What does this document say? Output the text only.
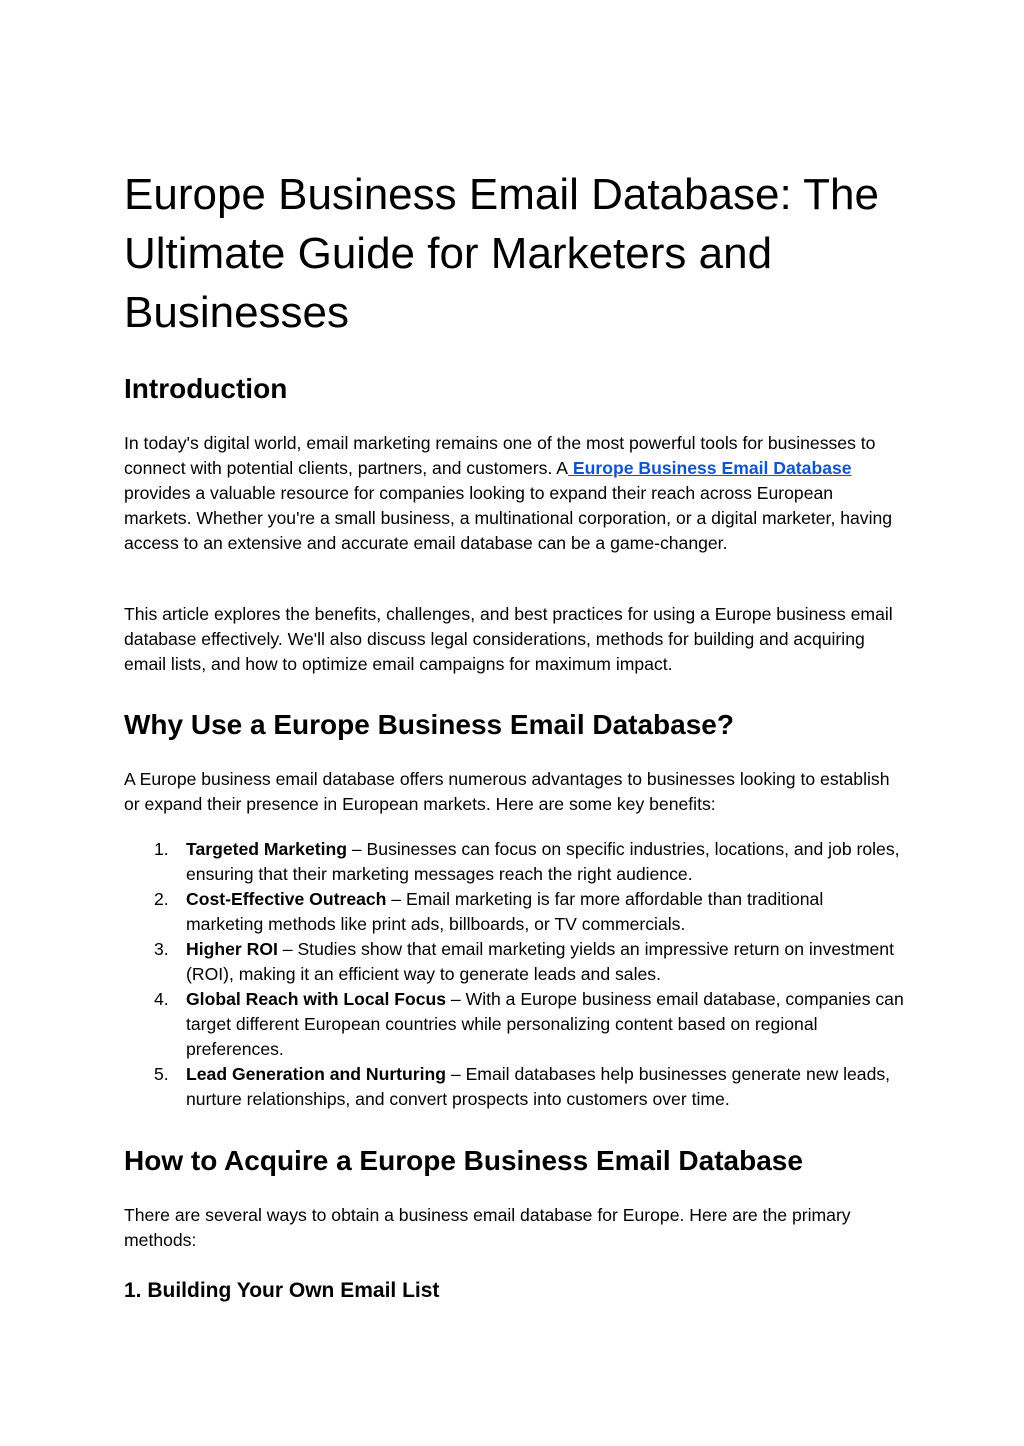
Europe Business Email Database: The Ultimate Guide for Marketers and Businesses
Introduction

In today's digital world, email marketing remains one of the most powerful tools for businesses to connect with potential clients, partners, and customers. A Europe Business Email Database provides a valuable resource for companies looking to expand their reach across European markets. Whether you're a small business, a multinational corporation, or a digital marketer, having access to an extensive and accurate email database can be a game-changer.

This article explores the benefits, challenges, and best practices for using a Europe business email database effectively. We'll also discuss legal considerations, methods for building and acquiring email lists, and how to optimize email campaigns for maximum impact.

Why Use a Europe Business Email Database?

A Europe business email database offers numerous advantages to businesses looking to establish or expand their presence in European markets. Here are some key benefits:

1. Targeted Marketing – Businesses can focus on specific industries, locations, and job roles, ensuring that their marketing messages reach the right audience.
2. Cost-Effective Outreach – Email marketing is far more affordable than traditional marketing methods like print ads, billboards, or TV commercials.
3. Higher ROI – Studies show that email marketing yields an impressive return on investment (ROI), making it an efficient way to generate leads and sales.
4. Global Reach with Local Focus – With a Europe business email database, companies can target different European countries while personalizing content based on regional preferences.
5. Lead Generation and Nurturing – Email databases help businesses generate new leads, nurture relationships, and convert prospects into customers over time.
How to Acquire a Europe Business Email Database

There are several ways to obtain a business email database for Europe. Here are the primary methods:

1. Building Your Own Email List
